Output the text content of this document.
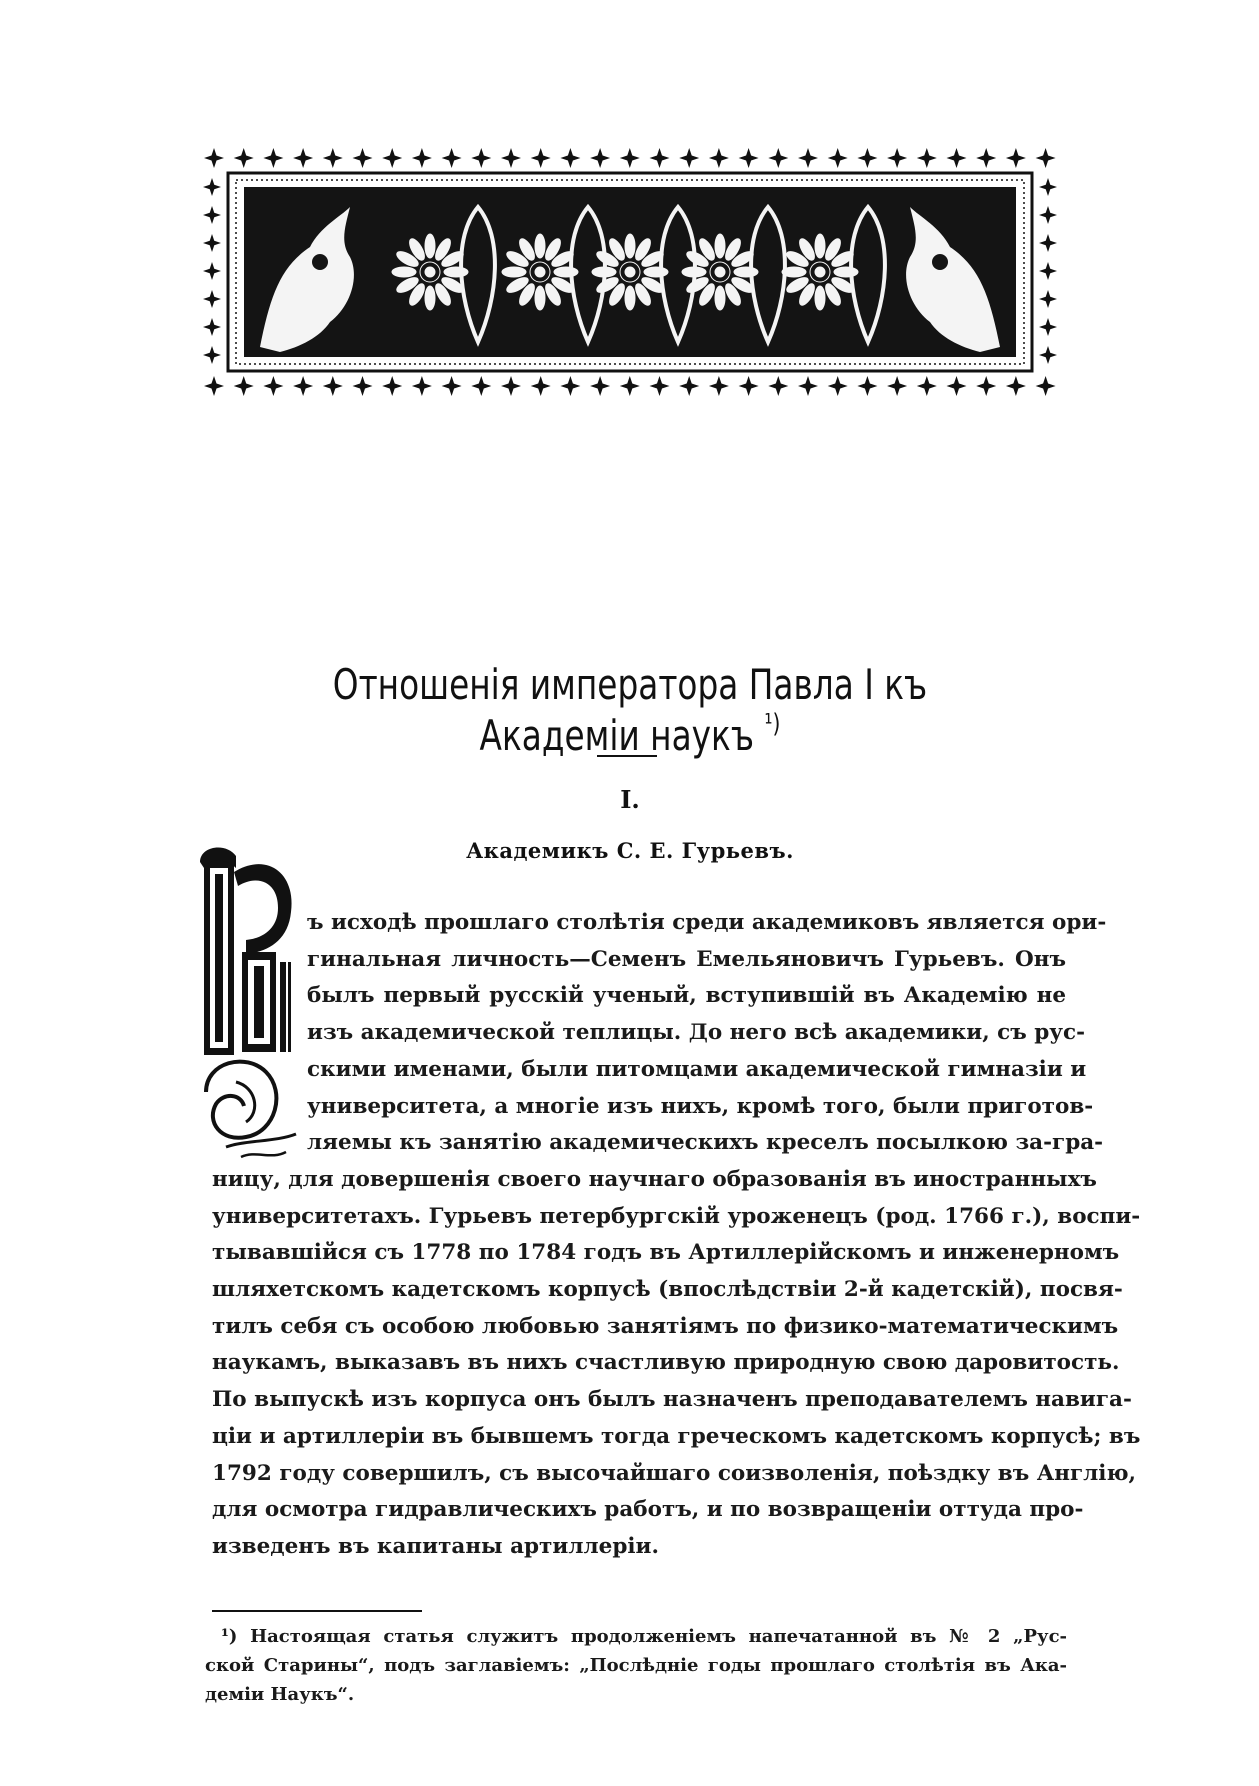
Отношенія императора Павла I къ Академіи наукъ $^{^1)}$
I.
Академикъ С. Е. Гурьевъ.
В
ъ исходѣ прошлаго столѣтія среди академиковъ является ори-
гинальная личность—Семенъ Емельяновичъ Гурьевъ. Онъ
былъ первый русскій ученый, вступившій въ Академію не
изъ академической теплицы. До него всѣ академики, съ рус-
скими именами, были питомцами академической гимназіи и
университета, а многіе изъ нихъ, кромѣ того, были приготов-
ляемы къ занятію академическихъ креселъ посылкою за-гра-
ницу, для довершенія своего научнаго образованія въ иностранныхъ
университетахъ. Гурьевъ петербургскій уроженецъ (род. 1766 г.), воспи-
тывавшійся съ 1778 по 1784 годъ въ Артиллерійскомъ и инженерномъ
шляхетскомъ кадетскомъ корпусѣ (впослѣдствіи 2-й кадетскій), посвя-
тилъ себя съ особою любовью занятіямъ по физико-математическимъ
наукамъ, выказавъ въ нихъ счастливую природную свою даровитость.
По выпускѣ изъ корпуса онъ былъ назначенъ преподавателемъ навига-
ціи и артиллеріи въ бывшемъ тогда греческомъ кадетскомъ корпусѣ; въ
1792 году совершилъ, съ высочайшаго соизволенія, поѣздку въ Англію,
для осмотра гидравлическихъ работъ, и по возвращеніи оттуда про-
изведенъ въ капитаны артиллеріи.
¹) Настоящая статья служитъ продолженіемъ напечатанной въ № 2 „Рус-
ской Старины“, подъ заглавіемъ: „Послѣдніе годы прошлаго столѣтія въ Ака-
деміи Наукъ“.
